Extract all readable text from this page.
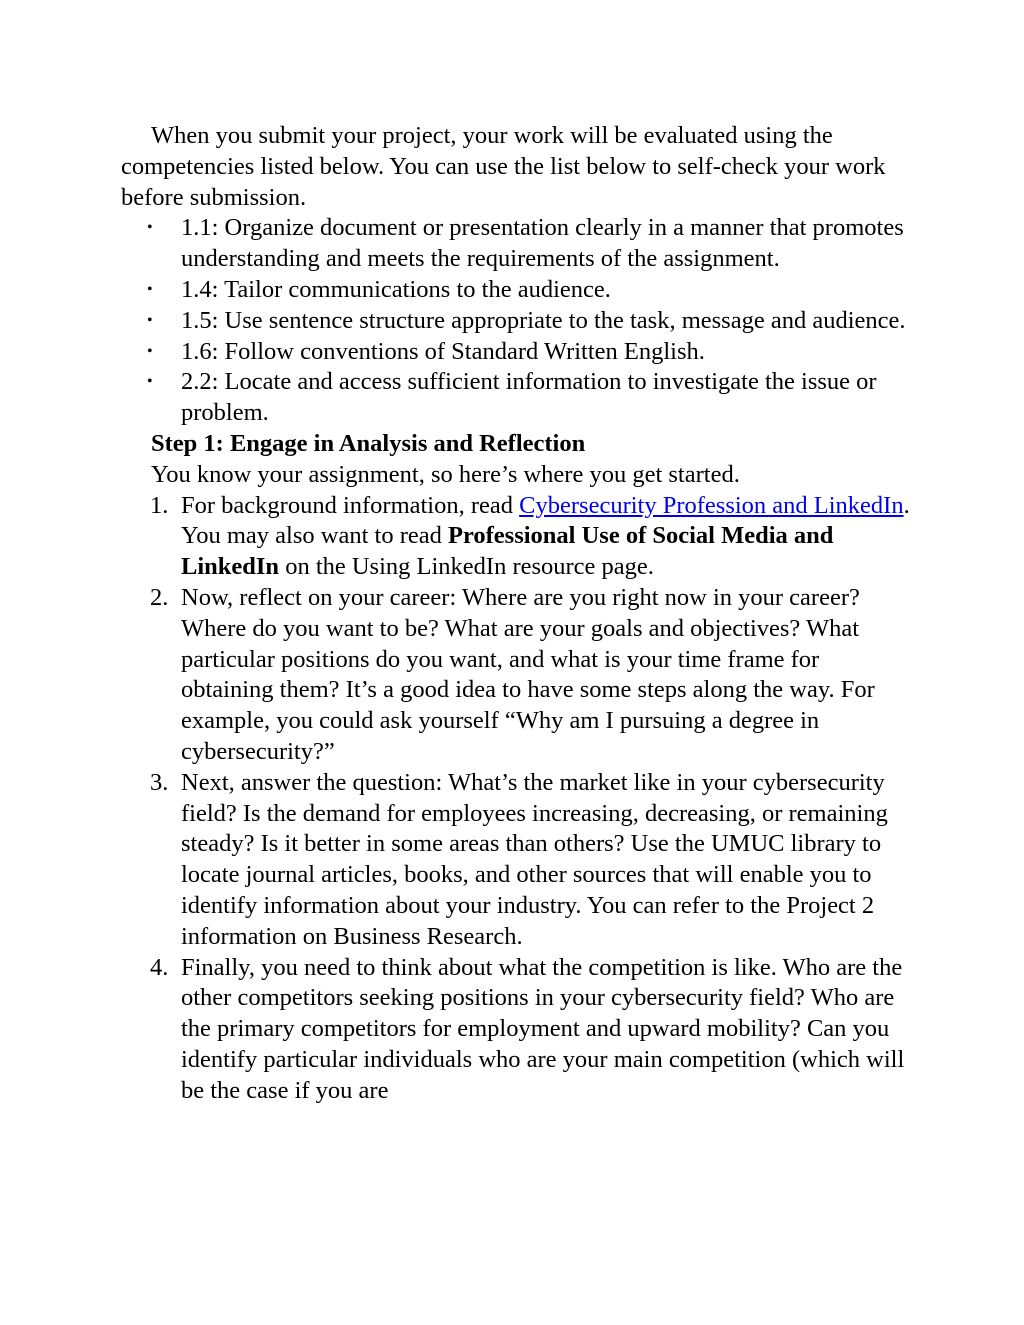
When you submit your project, your work will be evaluated using the competencies listed below. You can use the list below to self-check your work before submission.

• 1.1: Organize document or presentation clearly in a manner that promotes understanding and meets the requirements of the assignment.
• 1.4: Tailor communications to the audience.
• 1.5: Use sentence structure appropriate to the task, message and audience.
• 1.6: Follow conventions of Standard Written English.
• 2.2: Locate and access sufficient information to investigate the issue or problem.

Step 1: Engage in Analysis and Reflection

You know your assignment, so here’s where you get started.

1. For background information, read Cybersecurity Profession and LinkedIn. You may also want to read Professional Use of Social Media and LinkedIn on the Using LinkedIn resource page.
2. Now, reflect on your career: Where are you right now in your career? Where do you want to be? What are your goals and objectives? What particular positions do you want, and what is your time frame for obtaining them? It’s a good idea to have some steps along the way. For example, you could ask yourself “Why am I pursuing a degree in cybersecurity?”
3. Next, answer the question: What’s the market like in your cybersecurity field? Is the demand for employees increasing, decreasing, or remaining steady? Is it better in some areas than others? Use the UMUC library to locate journal articles, books, and other sources that will enable you to identify information about your industry. You can refer to the Project 2 information on Business Research.
4. Finally, you need to think about what the competition is like. Who are the other competitors seeking positions in your cybersecurity field? Who are the primary competitors for employment and upward mobility? Can you identify particular individuals who are your main competition (which will be the case if you are
